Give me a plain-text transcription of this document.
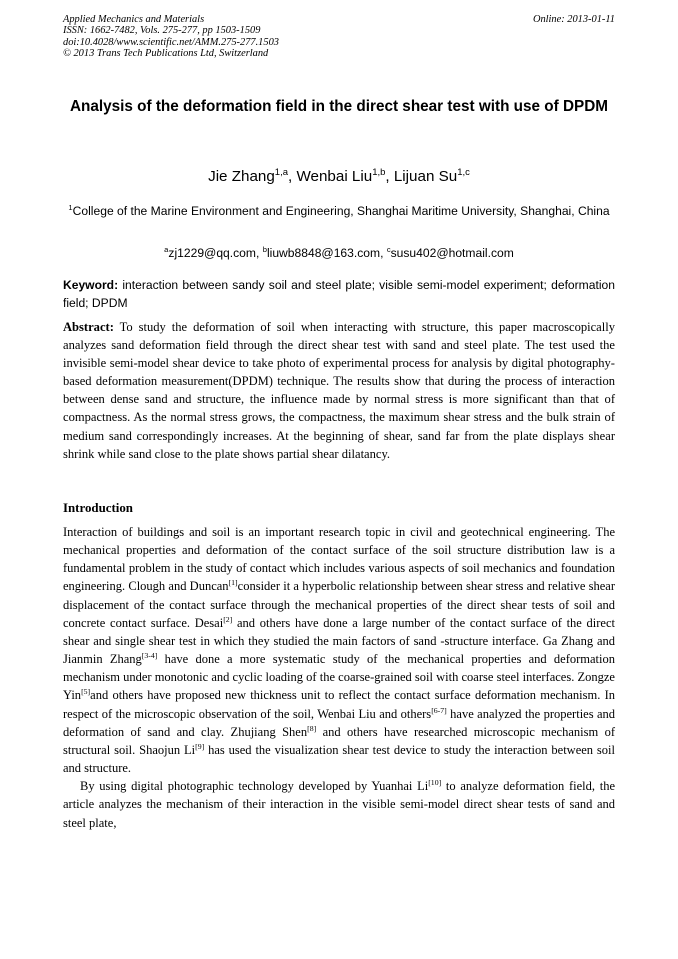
Applied Mechanics and Materials
ISSN: 1662-7482, Vols. 275-277, pp 1503-1509
doi:10.4028/www.scientific.net/AMM.275-277.1503
© 2013 Trans Tech Publications Ltd, Switzerland
Online: 2013-01-11
Analysis of the deformation field in the direct shear test with use of DPDM
Jie Zhang$^{1,a}$, Wenbai Liu$^{1,b}$, Lijuan Su$^{1,c}$
$^1$College of the Marine Environment and Engineering, Shanghai Maritime University, Shanghai, China
$^a$zj1229@qq.com, $^b$liuwb8848@163.com, $^c$susu402@hotmail.com
Keyword: interaction between sandy soil and steel plate; visible semi-model experiment; deformation field; DPDM
Abstract: To study the deformation of soil when interacting with structure, this paper macroscopically analyzes sand deformation field through the direct shear test with sand and steel plate. The test used the invisible semi-model shear device to take photo of experimental process for analysis by digital photography-based deformation measurement(DPDM) technique. The results show that during the process of interaction between dense sand and structure, the influence made by normal stress is more significant than that of compactness. As the normal stress grows, the compactness, the maximum shear stress and the bulk strain of medium sand correspondingly increases. At the beginning of shear, sand far from the plate displays shear shrink while sand close to the plate shows partial shear dilatancy.
Introduction

Interaction of buildings and soil is an important research topic in civil and geotechnical engineering. The mechanical properties and deformation of the contact surface of the soil structure distribution law is a fundamental problem in the study of contact which includes various aspects of soil mechanics and foundation engineering. Clough and Duncan[1]consider it a hyperbolic relationship between shear stress and relative shear displacement of the contact surface through the mechanical properties of the direct shear tests of soil and concrete contact surface. Desai[2] and others have done a large number of the contact surface of the direct shear and single shear test in which they studied the main factors of sand -structure interface. Ga Zhang and Jianmin Zhang[3-4] have done a more systematic study of the mechanical properties and deformation mechanism under monotonic and cyclic loading of the coarse-grained soil with coarse steel interfaces. Zongze Yin[5]and others have proposed new thickness unit to reflect the contact surface deformation mechanism. In respect of the microscopic observation of the soil, Wenbai Liu and others[6-7] have analyzed the properties and deformation of sand and clay. Zhujiang Shen[8] and others have researched microscopic mechanism of structural soil. Shaojun Li[9] has used the visualization shear test device to study the interaction between soil and structure.

By using digital photographic technology developed by Yuanhai Li[10] to analyze deformation field, the article analyzes the mechanism of their interaction in the visible semi-model direct shear tests of sand and steel plate,
